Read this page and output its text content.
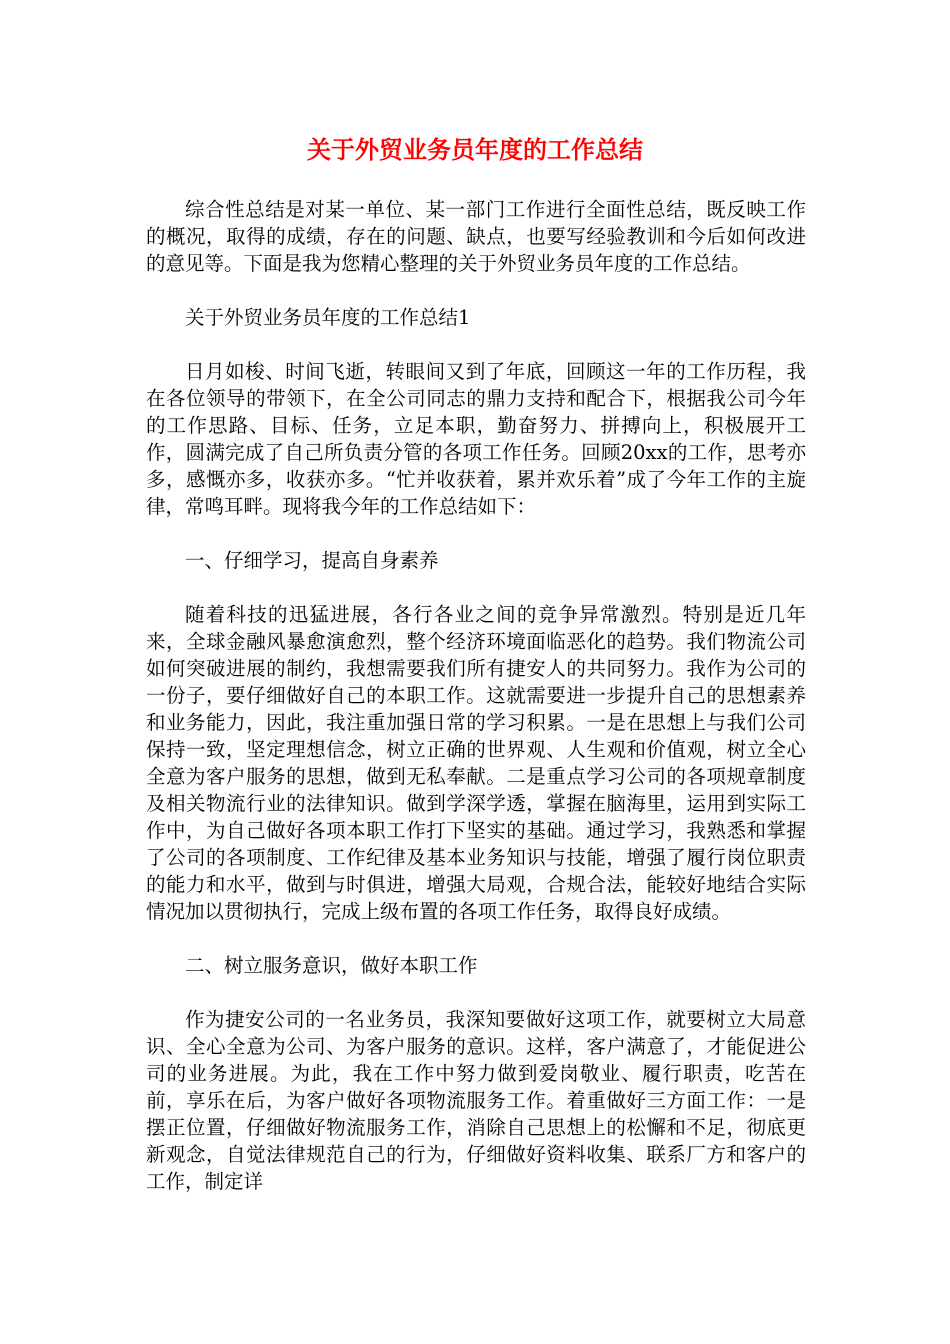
关于外贸业务员年度的工作总结

综合性总结是对某一单位、某一部门工作进行全面性总结，既反映工作的概况，取得的成绩，存在的问题、缺点，也要写经验教训和今后如何改进的意见等。下面是我为您精心整理的关于外贸业务员年度的工作总结。

关于外贸业务员年度的工作总结1

日月如梭、时间飞逝，转眼间又到了年底，回顾这一年的工作历程，我在各位领导的带领下，在全公司同志的鼎力支持和配合下，根据我公司今年的工作思路、目标、任务，立足本职，勤奋努力、拼搏向上，积极展开工作，圆满完成了自己所负责分管的各项工作任务。回顾20xx的工作，思考亦多，感慨亦多，收获亦多。“忙并收获着，累并欢乐着”成了今年工作的主旋律，常鸣耳畔。现将我今年的工作总结如下：

一、仔细学习，提高自身素养

随着科技的迅猛进展，各行各业之间的竞争异常激烈。特别是近几年来，全球金融风暴愈演愈烈，整个经济环境面临恶化的趋势。我们物流公司如何突破进展的制约，我想需要我们所有捷安人的共同努力。我作为公司的一份子，要仔细做好自己的本职工作。这就需要进一步提升自己的思想素养和业务能力，因此，我注重加强日常的学习积累。一是在思想上与我们公司保持一致，坚定理想信念，树立正确的世界观、人生观和价值观，树立全心全意为客户服务的思想，做到无私奉献。二是重点学习公司的各项规章制度及相关物流行业的法律知识。做到学深学透，掌握在脑海里，运用到实际工作中，为自己做好各项本职工作打下坚实的基础。通过学习，我熟悉和掌握了公司的各项制度、工作纪律及基本业务知识与技能，增强了履行岗位职责的能力和水平，做到与时俱进，增强大局观，合规合法，能较好地结合实际情况加以贯彻执行，完成上级布置的各项工作任务，取得良好成绩。

二、树立服务意识，做好本职工作

作为捷安公司的一名业务员，我深知要做好这项工作，就要树立大局意识、全心全意为公司、为客户服务的意识。这样，客户满意了，才能促进公司的业务进展。为此，我在工作中努力做到爱岗敬业、履行职责，吃苦在前，享乐在后，为客户做好各项物流服务工作。着重做好三方面工作：一是摆正位置，仔细做好物流服务工作，消除自己思想上的松懈和不足，彻底更新观念，自觉法律规范自己的行为，仔细做好资料收集、联系厂方和客户的工作，制定详
